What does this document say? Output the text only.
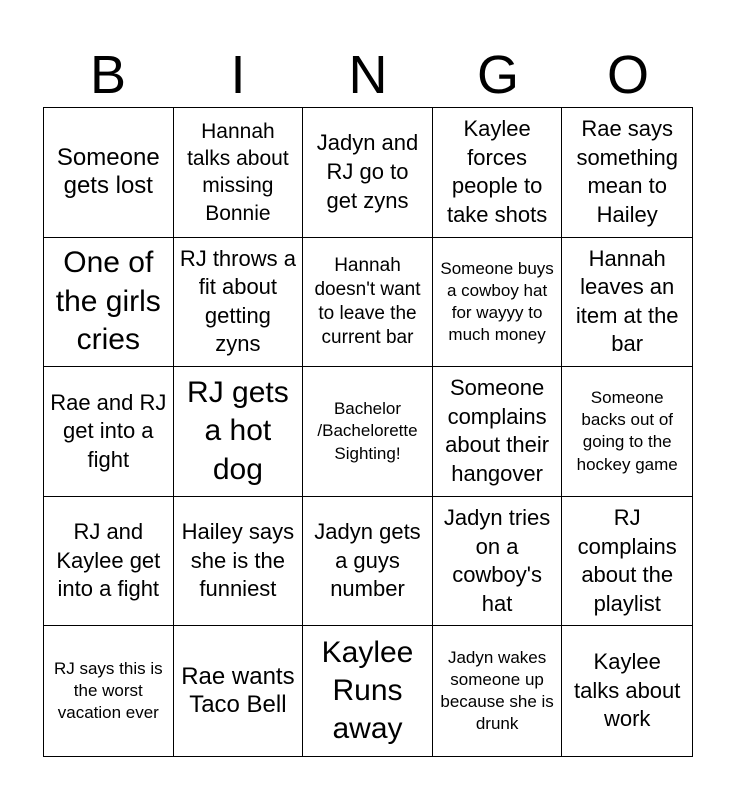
B	I	N	G	O
Someone gets lost
Hannah talks about missing Bonnie
Jadyn and RJ go to get zyns
Kaylee forces people to take shots
Rae says something mean to Hailey
One of the girls cries
RJ throws a fit about getting zyns
Hannah doesn't want to leave the current bar
Someone buys a cowboy hat for wayyy to much money
Hannah leaves an item at the bar
Rae and RJ get into a fight
RJ gets a hot dog
Bachelor /Bachelorette Sighting!
Someone complains about their hangover
Someone backs out of going to the hockey game
RJ and Kaylee get into a fight
Hailey says she is the funniest
Jadyn gets a guys number
Jadyn tries on a cowboy's hat
RJ complains about the playlist
RJ says this is the worst vacation ever
Rae wants Taco Bell
Kaylee Runs away
Jadyn wakes someone up because she is drunk
Kaylee talks about work
